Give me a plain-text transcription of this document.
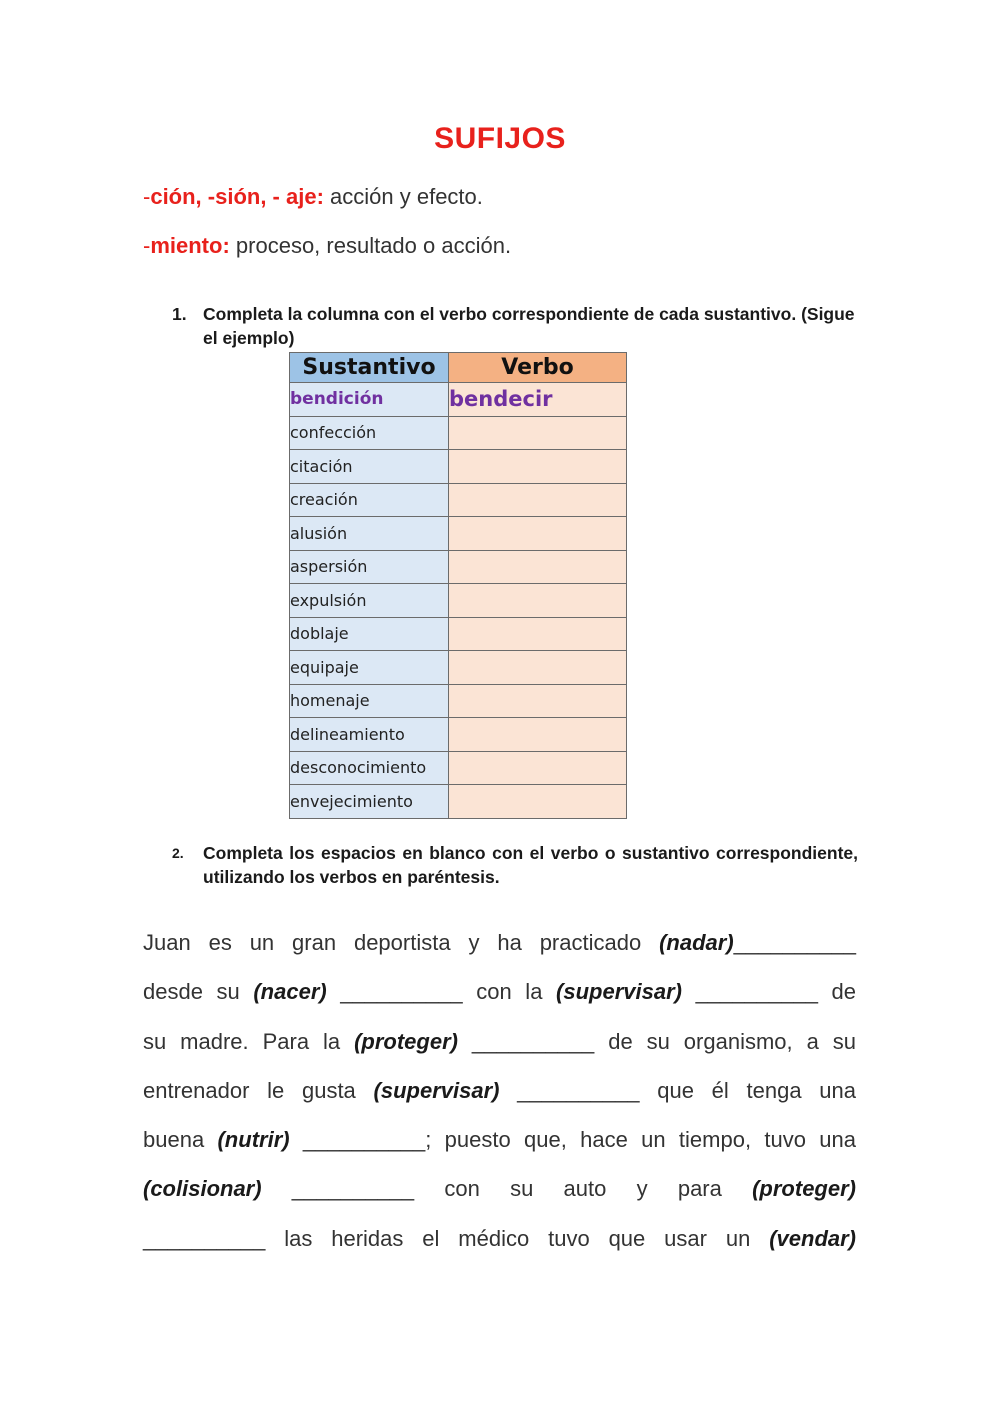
SUFIJOS
-ción, -sión, - aje: acción y efecto.
-miento: proceso, resultado o acción.
1. Completa la columna con el verbo correspondiente de cada sustantivo. (Sigue el ejemplo)
Sustantivo	Verbo
bendición	bendecir
confección	
citación	
creación	
alusión	
aspersión	
expulsión	
doblaje	
equipaje	
homenaje	
delineamiento	
desconocimiento	
envejecimiento	
2. Completa los espacios en blanco con el verbo o sustantivo correspondiente, utilizando los verbos en paréntesis.

Juan es un gran deportista y ha practicado (nadar)__________

desde su (nacer) __________ con la (supervisar) __________ de

su madre. Para la (proteger) __________ de su organismo, a su

entrenador le gusta (supervisar) __________ que él tenga una

buena (nutrir) __________; puesto que, hace un tiempo, tuvo una

(colisionar) __________ con su auto y para (proteger)

__________ las heridas el médico tuvo que usar un (vendar)
